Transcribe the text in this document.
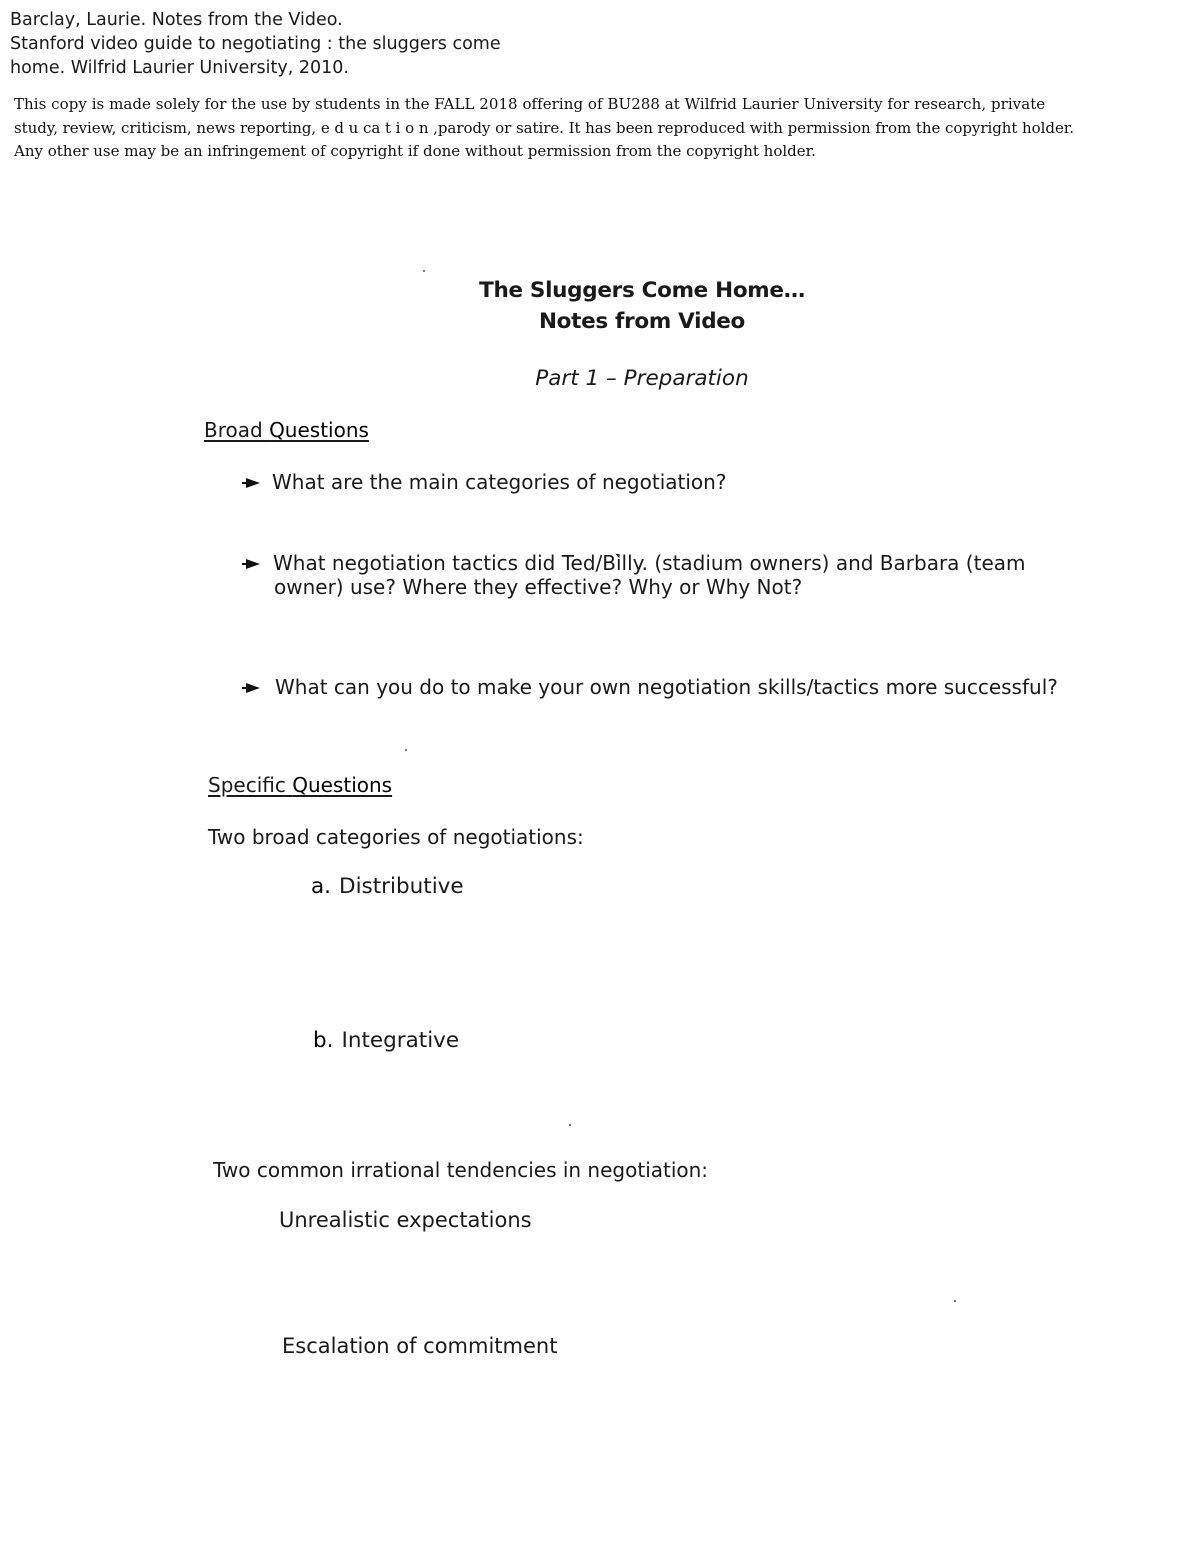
Barclay, Laurie. Notes from the Video.
Stanford video guide to negotiating : the sluggers come
home. Wilfrid Laurier University, 2010.
This copy is made solely for the use by students in the FALL 2018 offering of BU288 at Wilfrid Laurier University for research, private
study, review, criticism, news reporting, e d u ca t i o n ,parody or satire. It has been reproduced with permission from the copyright holder.
Any other use may be an infringement of copyright if done without permission from the copyright holder.
The Sluggers Come Home…
Notes from Video
Part 1 – Preparation
Broad Questions
What are the main categories of negotiation?
What negotiation tactics did Ted/Bi̇̀lly. (stadium owners) and Barbara (team
owner) use? Where they effective? Why or Why Not?
What can you do to make your own negotiation skills/tactics more successful?
Specific Questions
Two broad categories of negotiations:
a. Distributive
b. Integrative
Two common irrational tendencies in negotiation:
Unrealistic expectations
Escalation of commitment
